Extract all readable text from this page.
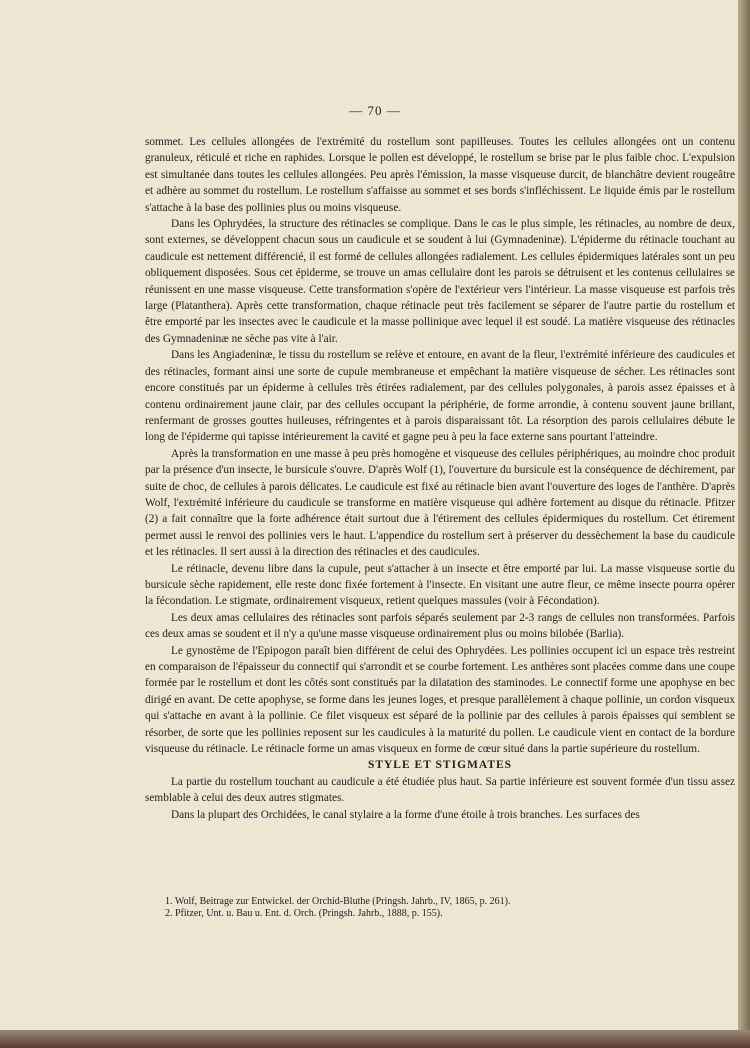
— 70 —

sommet. Les cellules allongées de l'extrémité du rostellum sont papilleuses. Toutes les cellules allongées ont un contenu granuleux, réticulé et riche en raphides. Lorsque le pollen est développé, le rostellum se brise par le plus faible choc. L'expulsion est simultanée dans toutes les cellules allongées. Peu après l'émission, la masse visqueuse durcit, de blanchâtre devient rougeâtre et adhère au sommet du rostellum. Le rostellum s'affaisse au sommet et ses bords s'infléchissent. Le liquide émis par le rostellum s'attache à la base des pollinies plus ou moins visqueuse.

Dans les Ophrydées, la structure des rétinacles se complique. Dans le cas le plus simple, les rétinacles, au nombre de deux, sont externes, se développent chacun sous un caudicule et se soudent à lui (Gymnadeninæ). L'épiderme du rétinacle touchant au caudicule est nettement différencié, il est formé de cellules allongées radialement. Les cellules épidermiques latérales sont un peu obliquement disposées. Sous cet épiderme, se trouve un amas cellulaire dont les parois se détruisent et les contenus cellulaires se réunissent en une masse visqueuse. Cette transformation s'opère de l'extérieur vers l'intérieur. La masse visqueuse est parfois très large (Platanthera). Après cette transformation, chaque rétinacle peut très facilement se séparer de l'autre partie du rostellum et être emporté par les insectes avec le caudicule et la masse pollinique avec lequel il est soudé. La matière visqueuse des rétinacles des Gymnadeninæ ne sèche pas vite à l'air.

Dans les Angiadeninæ, le tissu du rostellum se relève et entoure, en avant de la fleur, l'extrémité inférieure des caudicules et des rétinacles, formant ainsi une sorte de cupule membraneuse et empêchant la matière visqueuse de sécher. Les rétinacles sont encore constitués par un épiderme à cellules très étirées radialement, par des cellules polygonales, à parois assez épaisses et à contenu ordinairement jaune clair, par des cellules occupant la périphérie, de forme arrondie, à contenu souvent jaune brillant, renfermant de grosses gouttes huileuses, réfringentes et à parois disparaissant tôt. La résorption des parois cellulaires débute le long de l'épiderme qui tapisse intérieurement la cavité et gagne peu à peu la face externe sans pourtant l'atteindre.

Après la transformation en une masse à peu près homogène et visqueuse des cellules périphériques, au moindre choc produit par la présence d'un insecte, le bursicule s'ouvre. D'après Wolf (1), l'ouverture du bursicule est la conséquence de déchirement, par suite de choc, de cellules à parois délicates. Le caudicule est fixé au rétinacle bien avant l'ouverture des loges de l'anthère. D'après Wolf, l'extrémité inférieure du caudicule se transforme en matière visqueuse qui adhère fortement au disque du rétinacle. Pfitzer (2) a fait connaître que la forte adhérence était surtout due à l'étirement des cellules épidermiques du rostellum. Cet étirement permet aussi le renvoi des pollinies vers le haut. L'appendice du rostellum sert à préserver du dessèchement la base du caudicule et les rétinacles. Il sert aussi à la direction des rétinacles et des caudicules.

Le rétinacle, devenu libre dans la cupule, peut s'attacher à un insecte et être emporté par lui. La masse visqueuse sortie du bursicule sèche rapidement, elle reste donc fixée fortement à l'insecte. En visitant une autre fleur, ce même insecte pourra opérer la fécondation. Le stigmate, ordinairement visqueux, retient quelques massules (voir à Fécondation).

Les deux amas cellulaires des rétinacles sont parfois séparés seulement par 2-3 rangs de cellules non transformées. Parfois ces deux amas se soudent et il n'y a qu'une masse visqueuse ordinairement plus ou moins bilobée (Barlia).

Le gynostème de l'Epipogon paraît bien différent de celui des Ophrydées. Les pollinies occupent ici un espace très restreint en comparaison de l'épaisseur du connectif qui s'arrondit et se courbe fortement. Les anthères sont placées comme dans une coupe formée par le rostellum et dont les côtés sont constitués par la dilatation des staminodes. Le connectif forme une apophyse en bec dirigé en avant. De cette apophyse, se forme dans les jeunes loges, et presque parallèlement à chaque pollinie, un cordon visqueux qui s'attache en avant à la pollinie. Ce filet visqueux est séparé de la pollinie par des cellules à parois épaisses qui semblent se résorber, de sorte que les pollinies reposent sur les caudicules à la maturité du pollen. Le caudicule vient en contact de la bordure visqueuse du rétinacle. Le rétinacle forme un amas visqueux en forme de cœur situé dans la partie supérieure du rostellum.

STYLE ET STIGMATES

La partie du rostellum touchant au caudicule a été étudiée plus haut. Sa partie inférieure est souvent formée d'un tissu assez semblable à celui des deux autres stigmates.

Dans la plupart des Orchidées, le canal stylaire a la forme d'une étoile à trois branches. Les surfaces des

1. Wolf, Beitrage zur Entwickel. der Orchid-Bluthe (Pringsh. Jahrb., IV, 1865, p. 261).
2. Pfitzer, Unt. u. Bau u. Ent. d. Orch. (Pringsh. Jahrb., 1888, p. 155).
